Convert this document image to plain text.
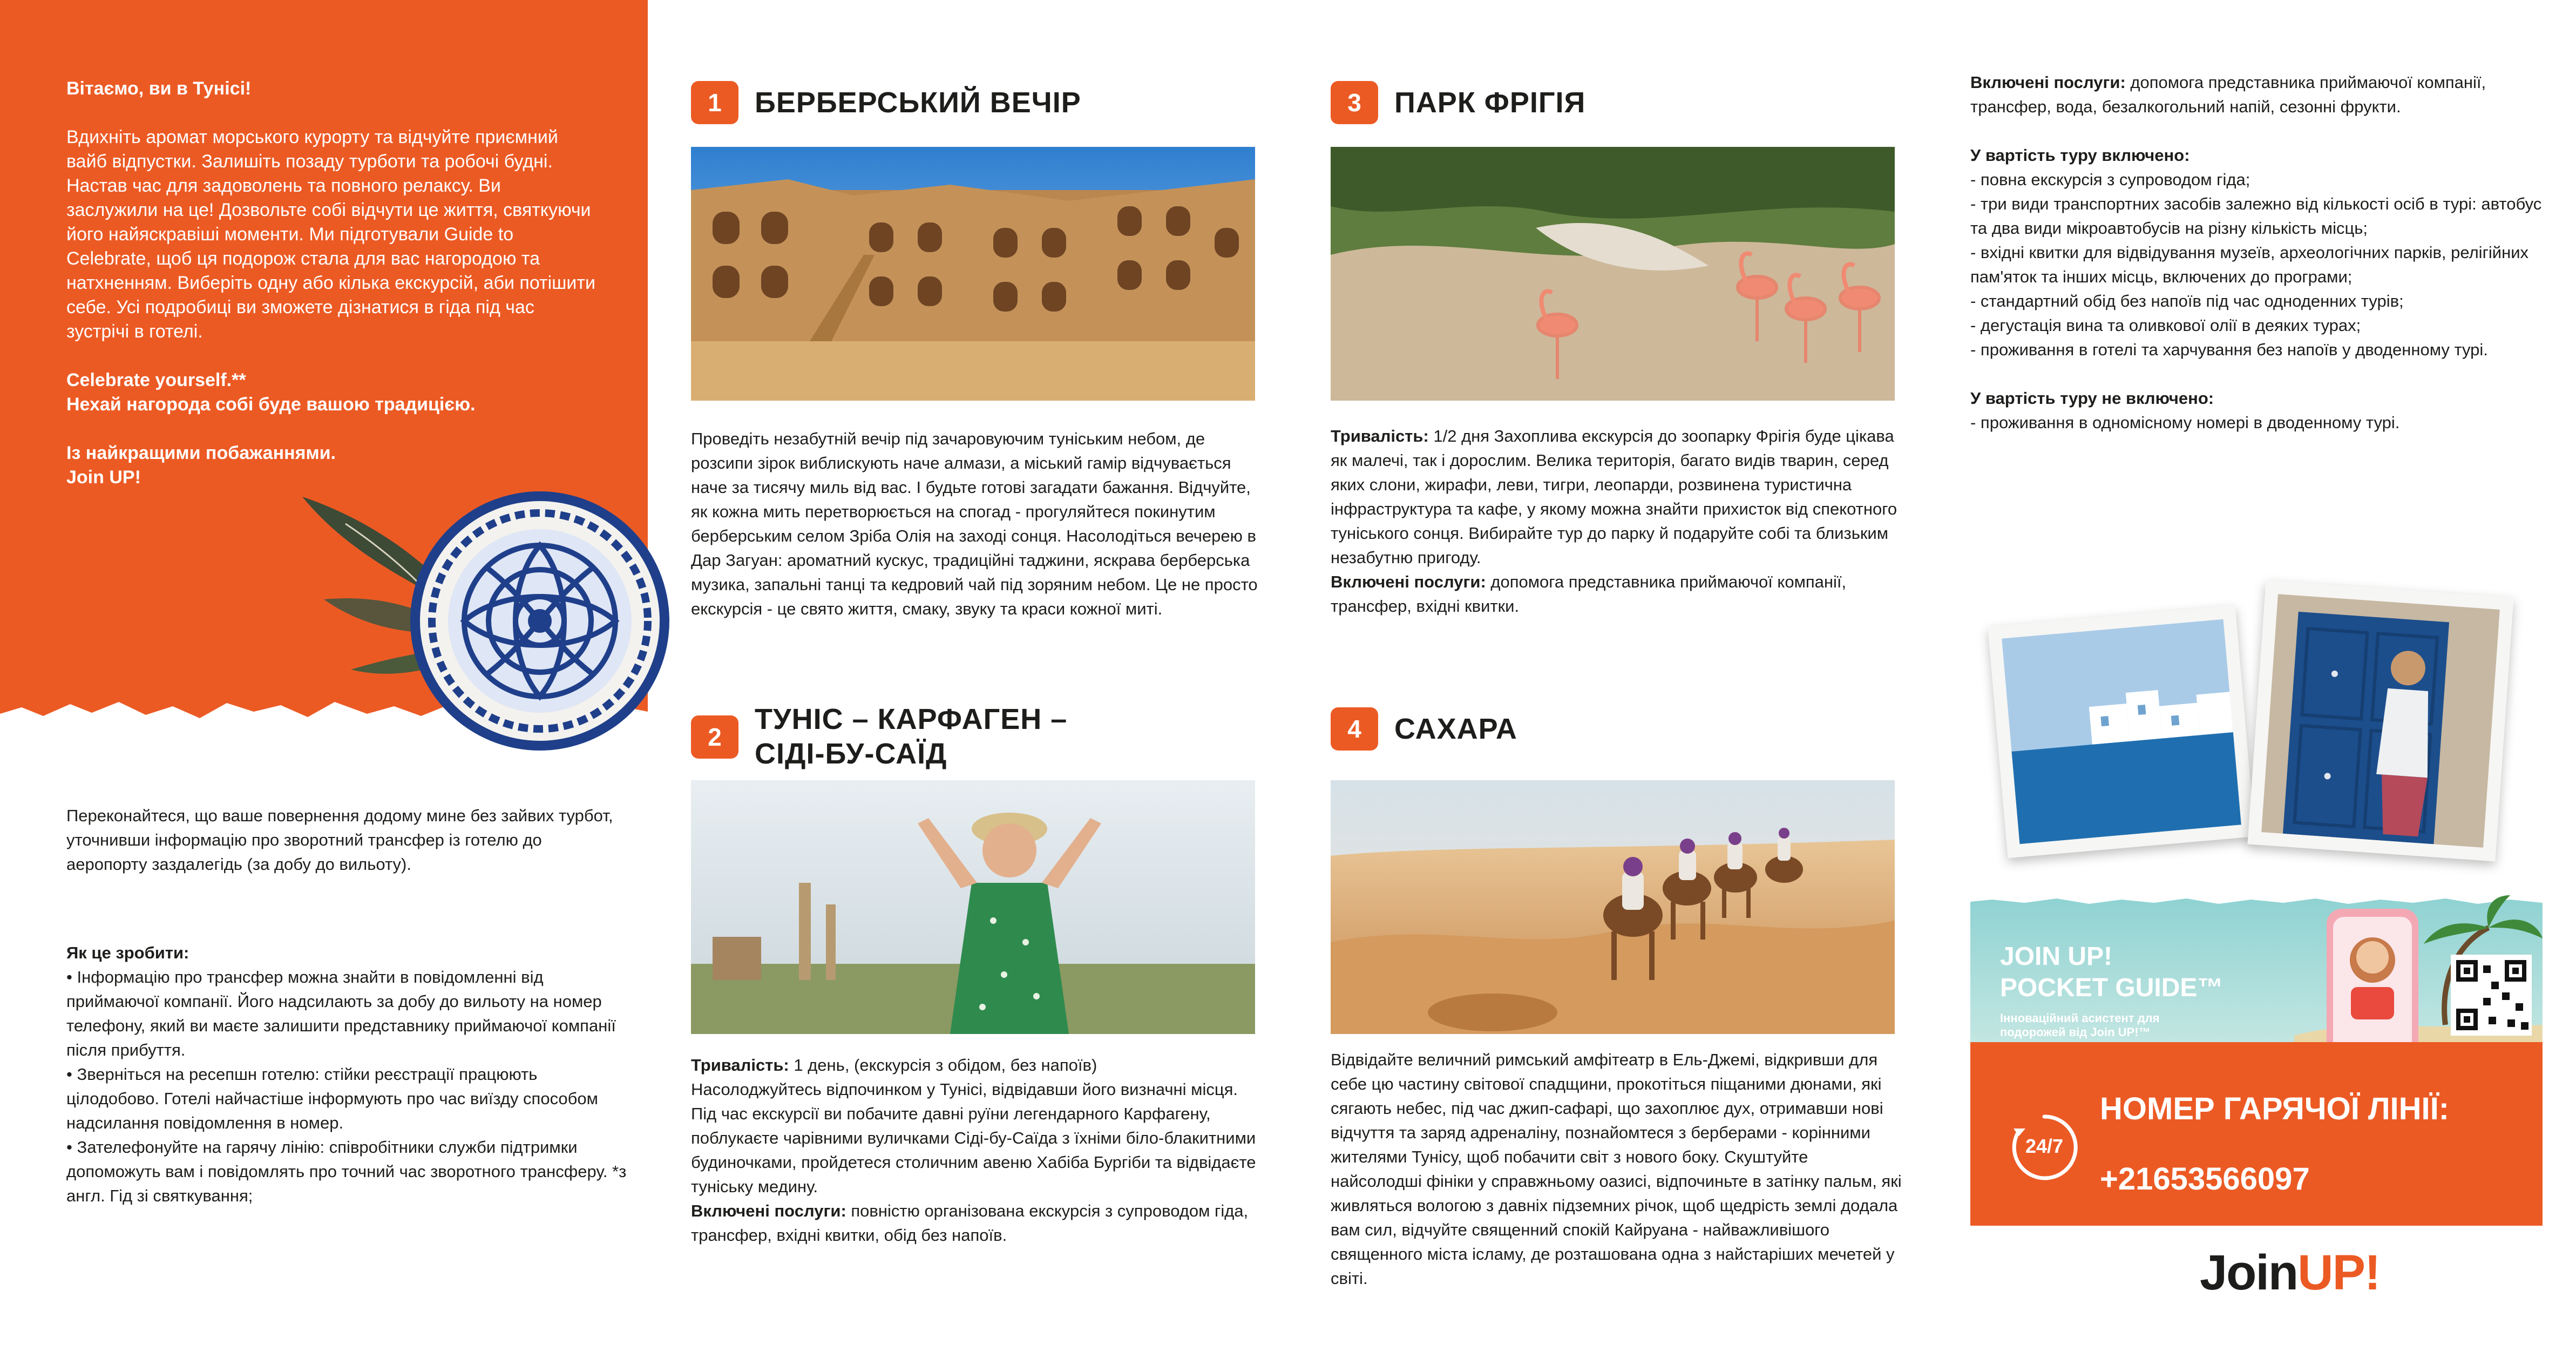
Вітаємо, ви в Тунісі!
Вдихніть аромат морського курорту та відчуйте приємний вайб відпустки. Залишіть позаду турботи та робочі будні. Настав час для задоволень та повного релаксу. Ви заслужили на це! Дозвольте собі відчути це життя, святкуючи його найяскравіші моменти. Ми підготували Guide to Celebrate, щоб ця подорож стала для вас нагородою та натхненням. Виберіть одну або кілька екскурсій, аби потішити себе. Усі подробиці ви зможете дізнатися в гіда під час зустрічі в готелі.
Celebrate yourself.**
Нехай нагорода собі буде вашою традицією.
Із найкращими побажаннями.
Join UP!

Переконайтеся, що ваше повернення додому мине без зайвих турбот, уточнивши інформацію про зворотний трансфер із готелю до аеропорту заздалегідь (за добу до вильоту).

Як це зробити:

• Інформацію про трансфер можна знайти в повідомленні від приймаючої компанії. Його надсилають за добу до вильоту на номер телефону, який ви маєте залишити представнику приймаючої компанії після прибуття.

• Зверніться на ресепшн готелю: стійки реєстрації працюють цілодобово. Готелі найчастіше інформують про час виїзду способом надсилання повідомлення в номер.

• Зателефонуйте на гарячу лінію: співробітники служби підтримки допоможуть вам і повідомлять про точний час зворотного трансферу. *з англ. Гід зі святкування;

1	БЕРБЕРСЬКИЙ ВЕЧІР

Проведіть незабутній вечір під зачаровуючим туніським небом, де розсипи зірок виблискують наче алмази, а міський гамір відчувається наче за тисячу миль від вас. І будьте готові загадати бажання. Відчуйте, як кожна мить перетворюється на спогад - прогуляйтеся покинутим берберським селом Зріба Олія на заході сонця. Насолодіться вечерею в Дар Загуан: ароматний кускус, традиційні таджини, яскрава берберська музика, запальні танці та кедровий чай під зоряним небом. Це не просто екскурсія - це свято життя, смаку, звуку та краси кожної миті.

2
ТУНІС – КАРФАГЕН –
СІДІ-БУ-САЇД

Тривалість: 1 день, (екскурсія з обідом, без напоїв)

Насолоджуйтесь відпочинком у Тунісі, відвідавши його визначні місця. Під час екскурсії ви побачите давні руїни легендарного Карфагену, поблукаєте чарівними вуличками Сіді-бу-Саїда з їхніми біло-блакитними будиночками, пройдетеся столичним авеню Хабіба Бургіби та відвідаєте туніську медину.

Включені послуги: повністю організована екскурсія з супроводом гіда, трансфер, вхідні квитки, обід без напоїв.

3	ПАРК ФРІГІЯ

Тривалість: 1/2 дня Захоплива екскурсія до зоопарку Фрігія буде цікава як малечі, так і дорослим. Велика територія, багато видів тварин, серед яких слони, жирафи, леви, тигри, леопарди, розвинена туристична інфраструктура та кафе, у якому можна знайти прихисток від спекотного туніського сонця. Вибирайте тур до парку й подаруйте собі та близьким незабутню пригоду.

Включені послуги: допомога представника приймаючої компанії, трансфер, вхідні квитки.

4	САХАРА

Відвідайте величний римський амфітеатр в Ель-Джемі, відкривши для себе цю частину світової спадщини, прокотіться піщаними дюнами, які сягають небес, під час джип-сафарі, що захоплює дух, отримавши нові відчуття та заряд адреналіну, познайомтеся з берберами - корінними жителями Тунісу, щоб побачити світ з нового боку. Скуштуйте найсолодші фініки у справжньому оазисі, відпочиньте в затінку пальм, які живляться вологою з давніх підземних річок, щоб щедрість землі додала вам сил, відчуйте священний спокій Кайруана - найважливішого священного міста ісламу, де розташована одна з найстаріших мечетей у світі.

Включені послуги: допомога представника приймаючої компанії, трансфер, вода, безалкогольний напій, сезонні фрукти.

У вартість туру включено:

- повна екскурсія з супроводом гіда;

- три види транспортних засобів залежно від кількості осіб в турі: автобус та два види мікроавтобусів на різну кількість місць;

- вхідні квитки для відвідування музеїв, археологічних парків, релігійних пам'яток та інших місць, включених до програми;

- стандартний обід без напоїв під час одноденних турів;

- дегустація вина та оливкової олії в деяких турах;

- проживання в готелі та харчування без напоїв у дводенному турі.

У вартість туру не включено:

- проживання в одномісному номері в дводенному турі.

JOIN UP!
POCKET GUIDE™
Інноваційний асистент для
подорожей від Join UP!™
24/7
НОМЕР ГАРЯЧОЇ ЛІНІЇ:
+21653566097
JoinUP!
